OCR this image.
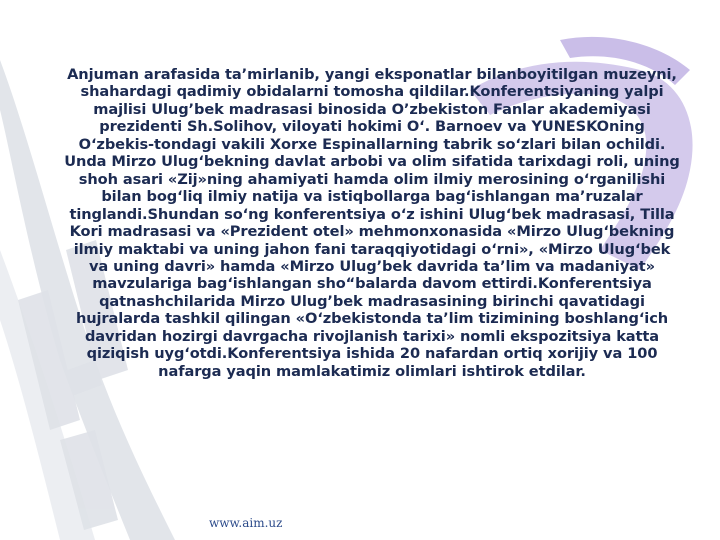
Anjuman arafasida ta’mirlanib, yangi eksponatlar bilanboyitilgan muzeyni, shahardagi qadimiy obidalarni tomosha qildilar.Konferentsiyaning yalpi majlisi Ulug’bek madrasasi binosida O’zbekiston Fanlar akademiyasi prezidenti Sh.Solihov, viloyati hokimi O‘. Barnoev va YUNESKOning O‘zbekis-tondagi vakili Xorxe Espinallarning tabrik so‘zlari bilan ochildi. Unda Mirzo Ulug‘bekning davlat arbobi va olim sifatida tarixdagi roli, uning shoh asari «Zij»ning ahamiyati hamda olim ilmiy merosining o‘rganilishi bilan bog‘liq ilmiy natija va istiqbollarga bag‘ishlangan ma’ruzalar tinglandi.Shundan so‘ng konferentsiya o‘z ishini Ulug‘bek madrasasi, Tilla Kori madrasasi va «Prezident otel» mehmonxonasida «Mirzo Ulug‘bekning ilmiy maktabi va uning jahon fani taraqqiyotidagi o‘rni», «Mirzo Ulug‘bek va uning davri» hamda «Mirzo Ulug’bek davrida ta’lim va madaniyat» mavzulariga bag‘ishlangan sho“balarda davom ettirdi.Konferentsiya qatnashchilarida Mirzo Ulug’bek madrasasining birinchi qavatidagi hujralarda tashkil qilingan «O‘zbekistonda ta’lim tizimining boshlang‘ich davridan hozirgi davrgacha rivojlanish tarixi» nomli ekspozitsiya katta qiziqish uyg‘otdi.Konferentsiya ishida 20 nafardan ortiq xorijiy va 100 nafarga yaqin mamlakatimiz olimlari ishtirok etdilar.
www.aim.uz
